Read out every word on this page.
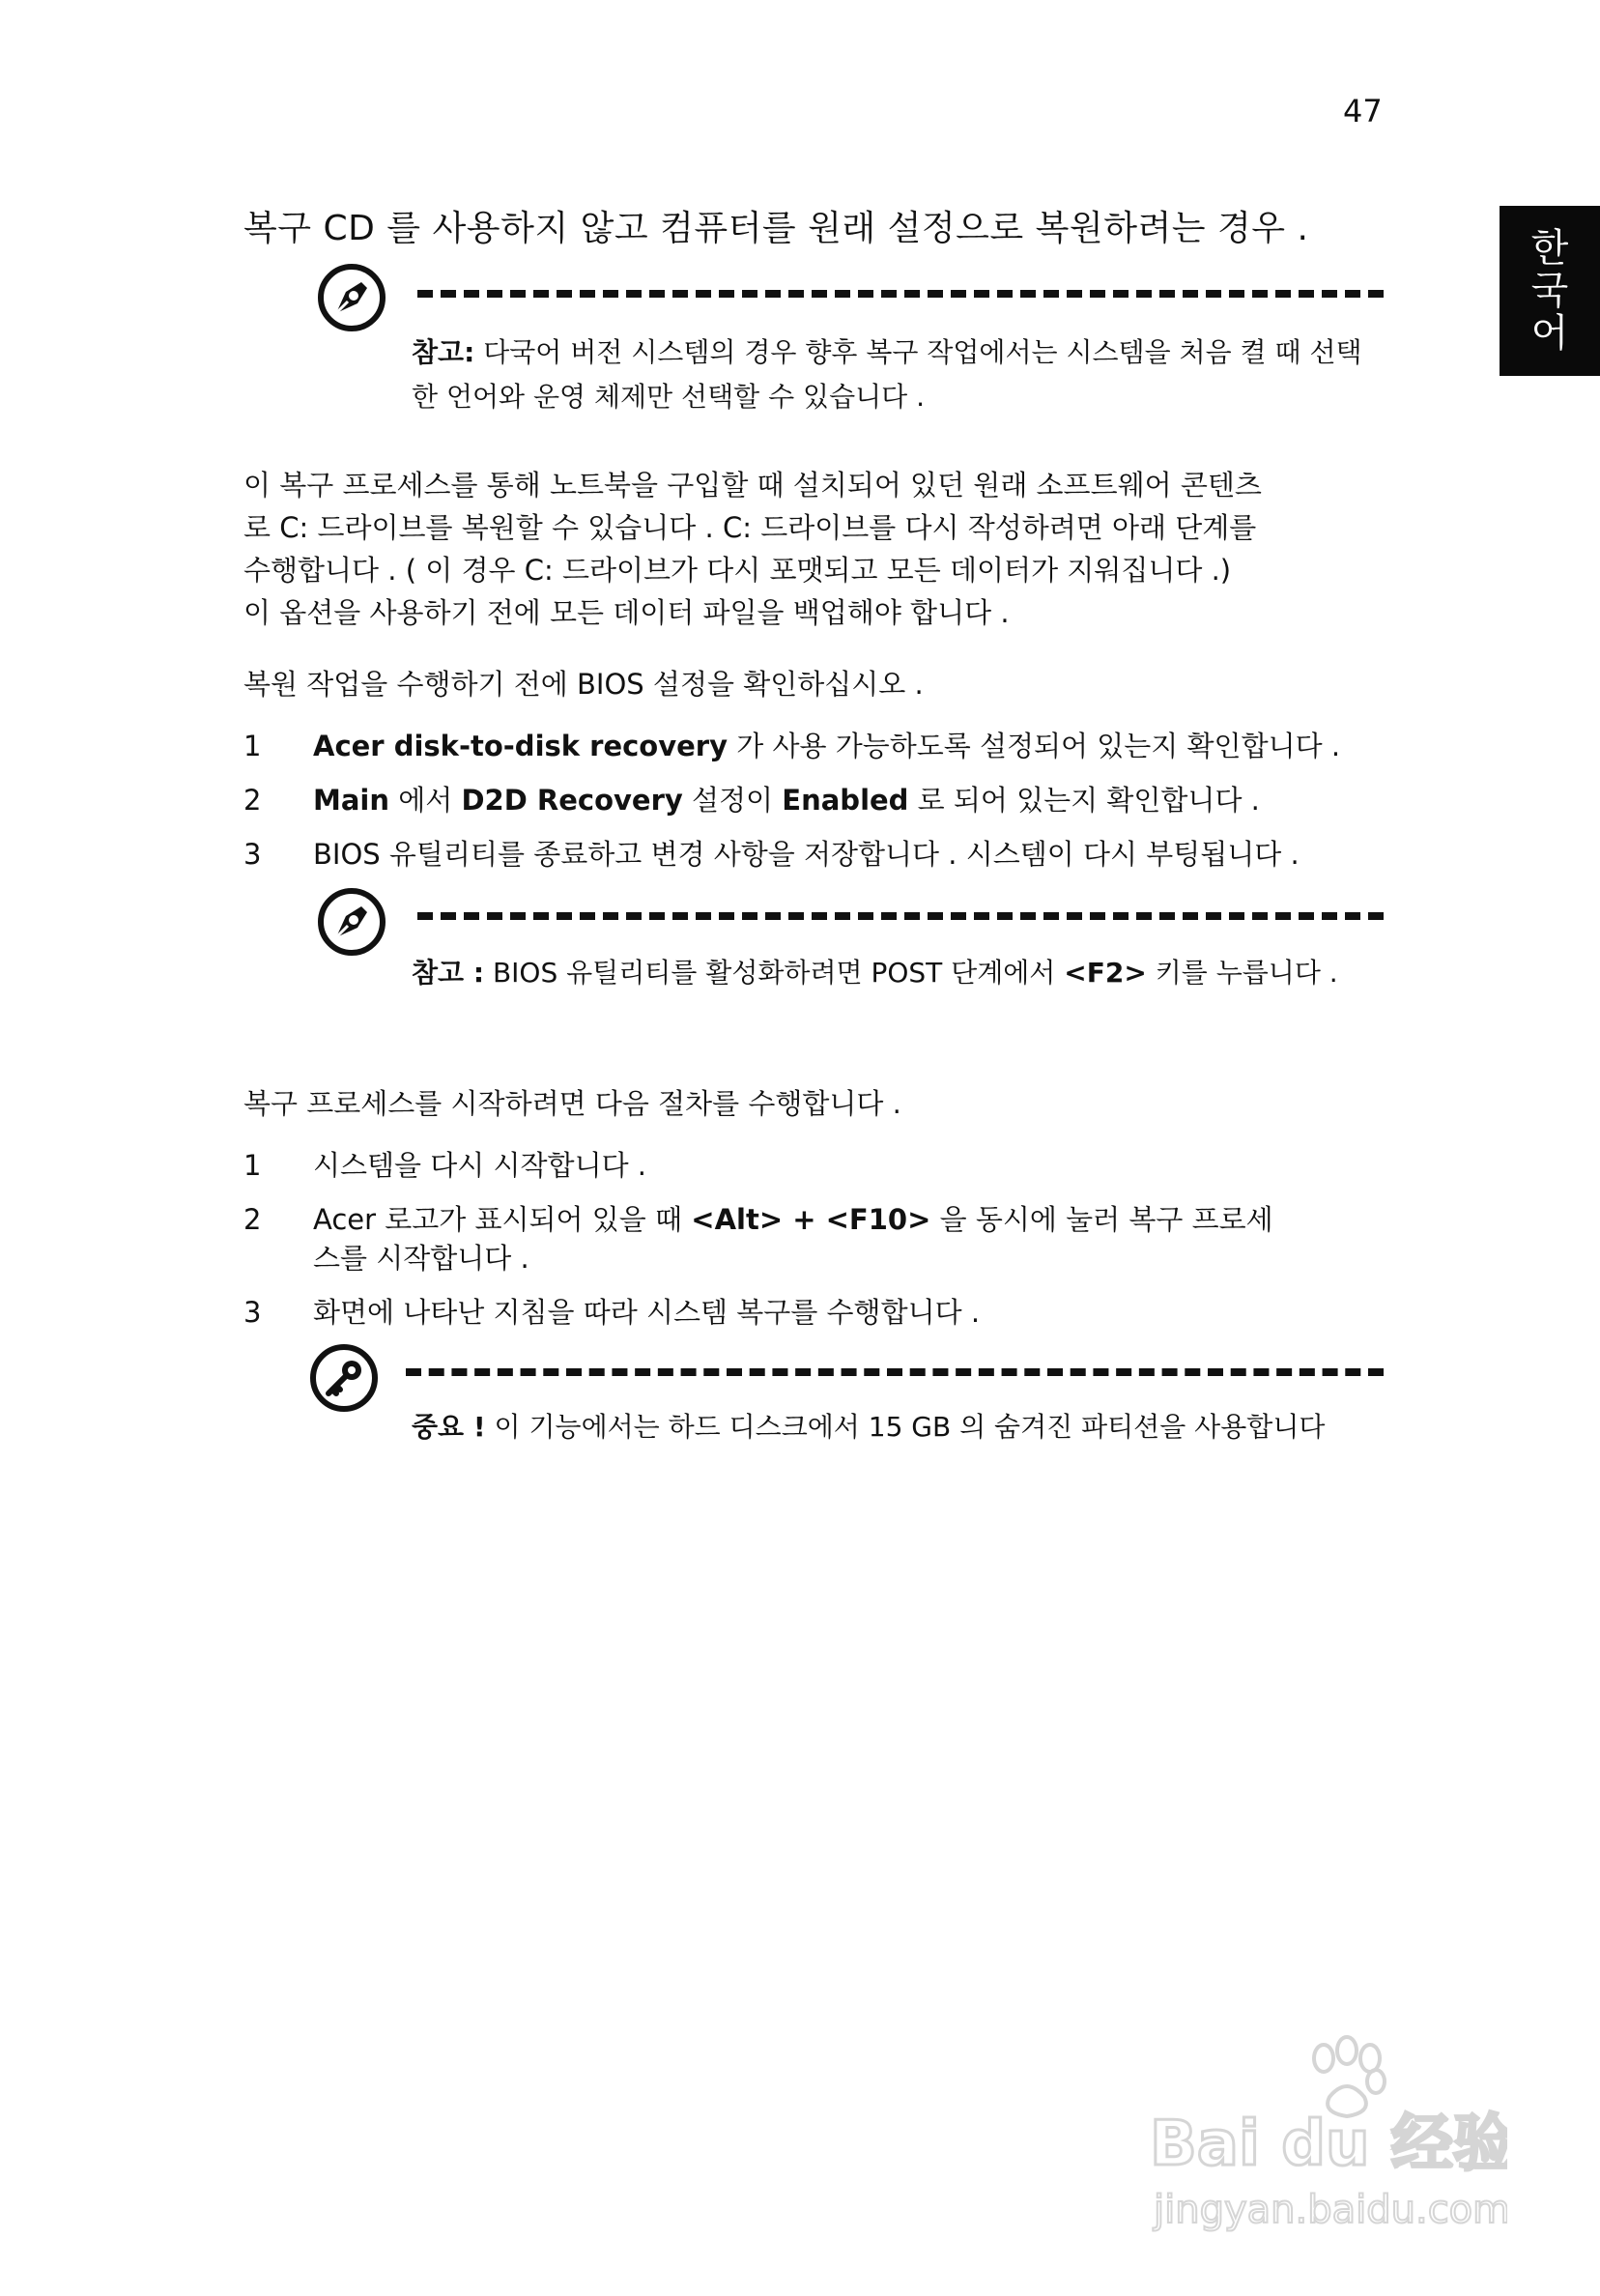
47
한
국
어
복구 CD 를 사용하지 않고 컴퓨터를 원래 설정으로 복원하려는 경우 .
참고: 다국어 버전 시스템의 경우 향후 복구 작업에서는 시스템을 처음 켤 때 선택한 언어와 운영 체제만 선택할 수 있습니다 .
이 복구 프로세스를 통해 노트북을 구입할 때 설치되어 있던 원래 소프트웨어 콘텐츠
로 C: 드라이브를 복원할 수 있습니다 . C: 드라이브를 다시 작성하려면 아래 단계를
수행합니다 . ( 이 경우 C: 드라이브가 다시 포맷되고 모든 데이터가 지워집니다 .)
이 옵션을 사용하기 전에 모든 데이터 파일을 백업해야 합니다 .
복원 작업을 수행하기 전에 BIOS 설정을 확인하십시오 .
1	Acer disk-to-disk recovery 가 사용 가능하도록 설정되어 있는지 확인합니다 .
2	Main 에서 D2D Recovery 설정이 Enabled 로 되어 있는지 확인합니다 .
3	BIOS 유틸리티를 종료하고 변경 사항을 저장합니다 . 시스템이 다시 부팅됩니다 .
참고 : BIOS 유틸리티를 활성화하려면 POST 단계에서 <F2> 키를 누릅니다 .
복구 프로세스를 시작하려면 다음 절차를 수행합니다 .
1	시스템을 다시 시작합니다 .
2	Acer 로고가 표시되어 있을 때 <Alt> + <F10> 을 동시에 눌러 복구 프로세스를 시작합니다 .
3	화면에 나타난 지침을 따라 시스템 복구를 수행합니다 .
중요 ! 이 기능에서는 하드 디스크에서 15 GB 의 숨겨진 파티션을 사용합니다
Bai du 经验
jingyan.baidu.com
